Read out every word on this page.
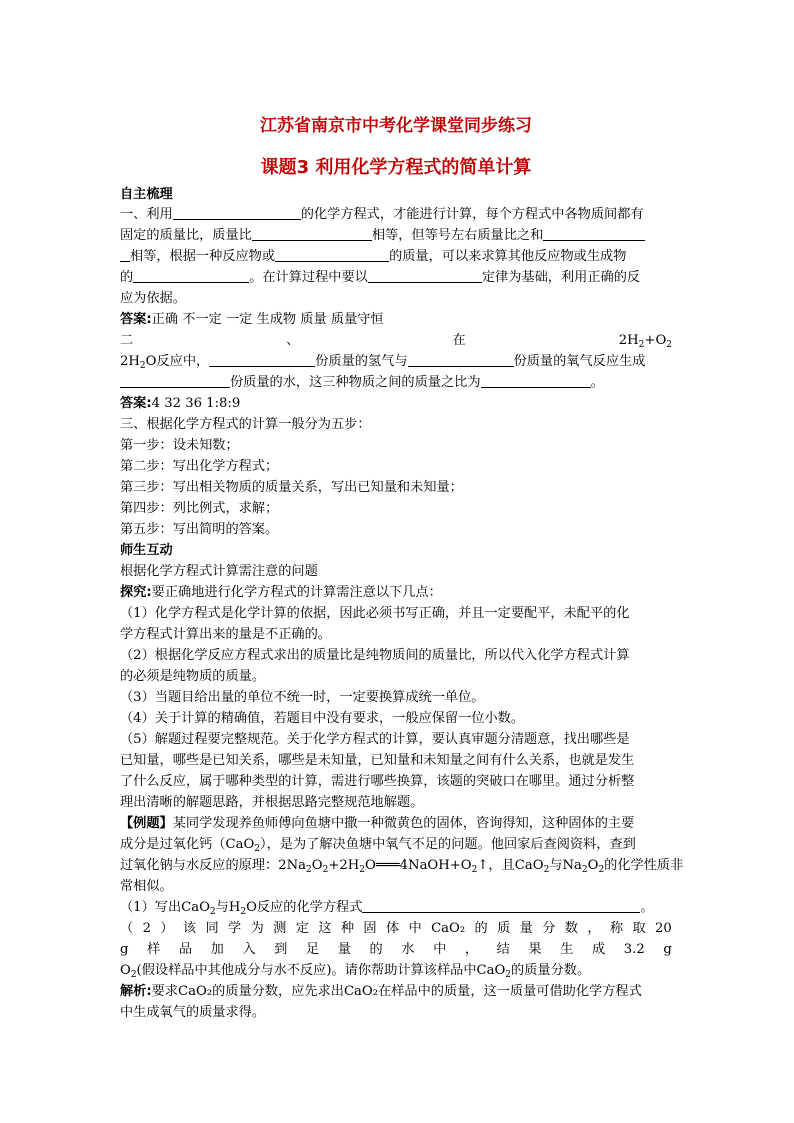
江苏省南京市中考化学课堂同步练习
课题3 利用化学方程式的简单计算
自主梳理
一、利用	的化学方程式，才能进行计算，每个方程式中各物质间都有
固定的质量比，质量比	相等，但等号左右质量比之和
相等，根据一种反应物或	的质量，可以来求算其他反应物或生成物
的	。在计算过程中要以	定律为基础，利用正确的反
应为依据。
答案:正确 不一定 一定 生成物 质量 质量守恒
二	、	在	$2H_2+O_2$
$2H_2O$反应中，	份质量的氢气与	份质量的氧气反应生成
份质量的水，这三种物质之间的质量之比为	。
答案:4 32 36 1:8:9
三、根据化学方程式的计算一般分为五步：
第一步：设未知数；
第二步：写出化学方程式；
第三步：写出相关物质的质量关系，写出已知量和未知量；
第四步：列比例式，求解；
第五步：写出简明的答案。
师生互动
根据化学方程式计算需注意的问题
探究:要正确地进行化学方程式的计算需注意以下几点：
（1）化学方程式是化学计算的依据，因此必须书写正确，并且一定要配平，未配平的化
学方程式计算出来的量是不正确的。
（2）根据化学反应方程式求出的质量比是纯物质间的质量比，所以代入化学方程式计算
的必须是纯物质的质量。
（3）当题目给出量的单位不统一时，一定要换算成统一单位。
（4）关于计算的精确值，若题目中没有要求，一般应保留一位小数。
（5）解题过程要完整规范。关于化学方程式的计算，要认真审题分清题意，找出哪些是
已知量，哪些是已知关系，哪些是未知量，已知量和未知量之间有什么关系，也就是发生
了什么反应，属于哪种类型的计算，需进行哪些换算，该题的突破口在哪里。通过分析整
理出清晰的解题思路，并根据思路完整规范地解题。
【例题】某同学发现养鱼师傅向鱼塘中撒一种微黄色的固体，咨询得知，这种固体的主要
成分是过氧化钙（CaO$_2$），是为了解决鱼塘中氧气不足的问题。他回家后查阅资料，查到
过氧化钠与水反应的原理：$2Na_2O_2+2H_2O═══4NaOH+O_2↑$，且CaO$_2$与$Na_2O_2$的化学性质非
常相似。
（1）写出CaO$_2$与$H_2O$反应的化学方程式	。
（ 2 ） 该 同 学 为 测 定 这 种 固 体 中 CaO₂ 的 质 量 分 数 ， 称 取 20
g 样 品 加 入 到 足 量 的 水 中 ， 结 果 生 成 3.2 g
$O_2$(假设样品中其他成分与水不反应)。请你帮助计算该样品中CaO$_2$的质量分数。
解析:要求CaO₂的质量分数，应先求出CaO₂在样品中的质量，这一质量可借助化学方程式
中生成氧气的质量求得。
